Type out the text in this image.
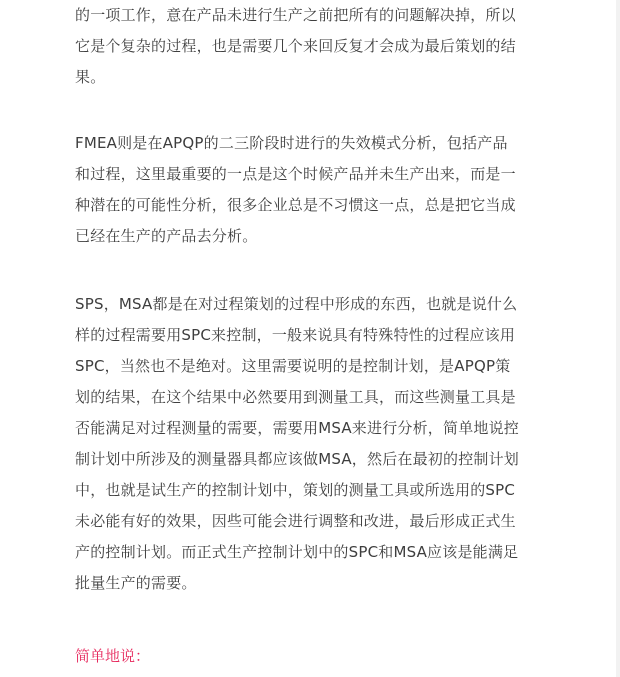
的一项工作，意在产品未进行生产之前把所有的问题解决掉，所以
它是个复杂的过程，也是需要几个来回反复才会成为最后策划的结
果。
FMEA则是在APQP的二三阶段时进行的失效模式分析，包括产品
和过程，这里最重要的一点是这个时候产品并未生产出来，而是一
种潜在的可能性分析，很多企业总是不习惯这一点，总是把它当成
已经在生产的产品去分析。
SPS，MSA都是在对过程策划的过程中形成的东西，也就是说什么
样的过程需要用SPC来控制，一般来说具有特殊特性的过程应该用
SPC，当然也不是绝对。这里需要说明的是控制计划，是APQP策
划的结果，在这个结果中必然要用到测量工具，而这些测量工具是
否能满足对过程测量的需要，需要用MSA来进行分析，简单地说控
制计划中所涉及的测量器具都应该做MSA，然后在最初的控制计划
中，也就是试生产的控制计划中，策划的测量工具或所选用的SPC
未必能有好的效果，因些可能会进行调整和改进，最后形成正式生
产的控制计划。而正式生产控制计划中的SPC和MSA应该是能满足
批量生产的需要。
简单地说：
